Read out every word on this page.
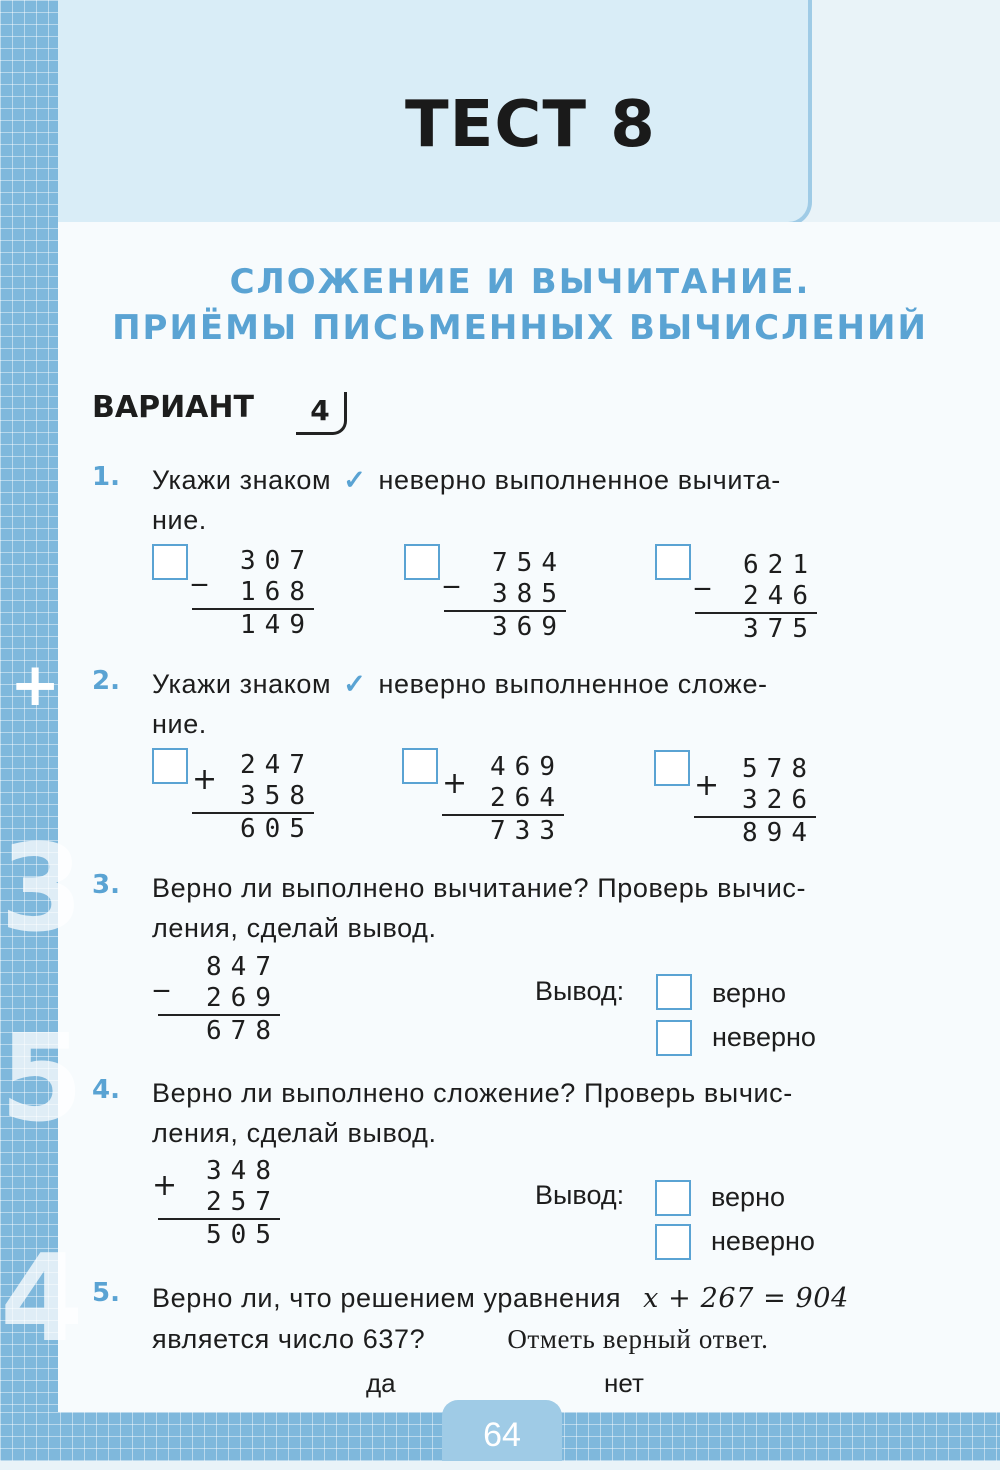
+
3
5
4
64
ТЕСТ 8
СЛОЖЕНИЕ И ВЫЧИТАНИЕ.
ПРИЁМЫ ПИСЬМЕННЫХ ВЫЧИСЛЕНИЙ
ВАРИАНТ	4
1. Укажи знаком ✓ неверно выполненное вычита-
ние.
_	307
168
149
_	754
385
369
_	621
246
375
2. Укажи знаком ✓ неверно выполненное сложе-
ние.
+ 247
358
605
+ 469
264
733
+ 578
326
894
3. Верно ли выполнено вычитание? Проверь вычис-
ления, сделай вывод.
_	847
269
678
Вывод:	верно
неверно
4. Верно ли выполнено сложение? Проверь вычис-
ления, сделай вывод.
+	348
257
505
Вывод:	верно
неверно
5. Верно ли, что решением уравнения x + 267 = 904
является число 637?	Отметь верный ответ.
да	нет
